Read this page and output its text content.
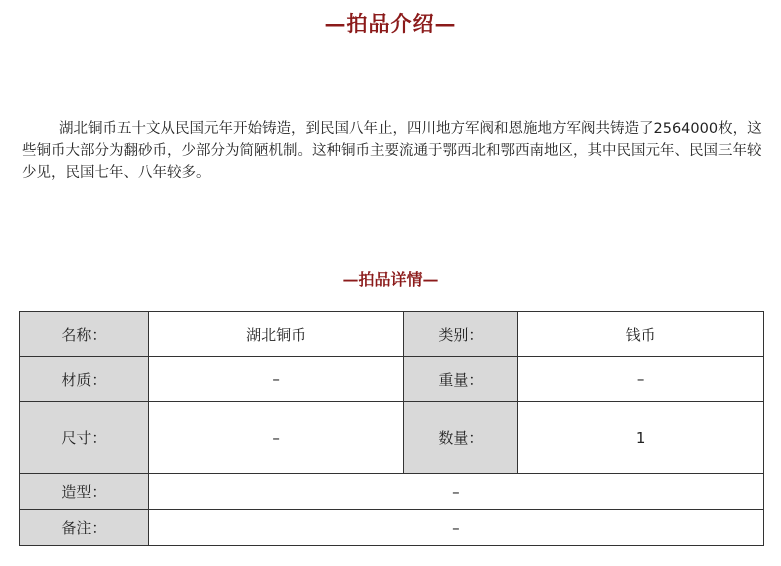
—拍品介绍—

湖北铜币五十文从民国元年开始铸造，到民国八年止，四川地方军阀和恩施地方军阀共铸造了2564000枚，这些铜币大部分为翻砂币，少部分为简陋机制。这种铜币主要流通于鄂西北和鄂西南地区，其中民国元年、民国三年较少见，民国七年、八年较多。

—拍品详情—
名称：	湖北铜币	类别：	钱币
材质：	–	重量：	–
尺寸：	–	数量：	1
造型：	–		
备注：	–		
